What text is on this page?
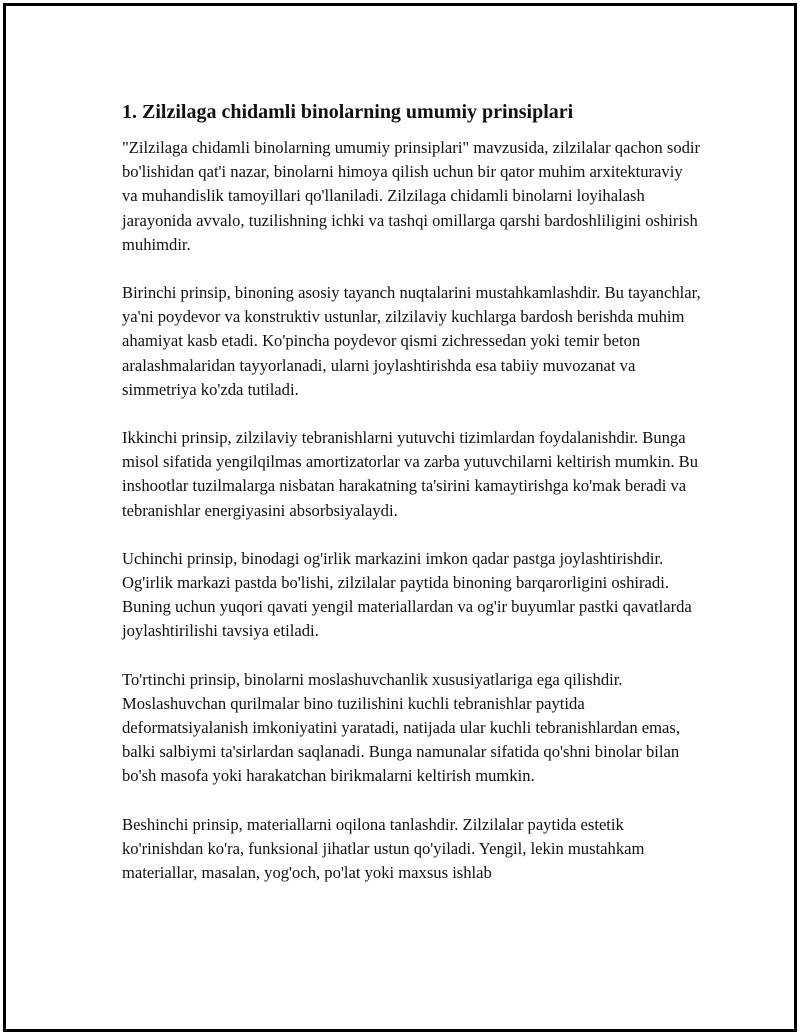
1. Zilzilaga chidamli binolarning umumiy prinsiplari

"Zilzilaga chidamli binolarning umumiy prinsiplari" mavzusida, zilzilalar qachon sodir bo'lishidan qat'i nazar, binolarni himoya qilish uchun bir qator muhim arxitekturaviy va muhandislik tamoyillari qo'llaniladi. Zilzilaga chidamli binolarni loyihalash jarayonida avvalo, tuzilishning ichki va tashqi omillarga qarshi bardoshliligini oshirish muhimdir.

Birinchi prinsip, binoning asosiy tayanch nuqtalarini mustahkamlashdir. Bu tayanchlar, ya'ni poydevor va konstruktiv ustunlar, zilzilaviy kuchlarga bardosh berishda muhim ahamiyat kasb etadi. Ko'pincha poydevor qismi zichressedan yoki temir beton aralashmalaridan tayyorlanadi, ularni joylashtirishda esa tabiiy muvozanat va simmetriya ko'zda tutiladi.

Ikkinchi prinsip, zilzilaviy tebranishlarni yutuvchi tizimlardan foydalanishdir. Bunga misol sifatida yengilqilmas amortizatorlar va zarba yutuvchilarni keltirish mumkin. Bu inshootlar tuzilmalarga nisbatan harakatning ta'sirini kamaytirishga ko'mak beradi va tebranishlar energiyasini absorbsiyalaydi.

Uchinchi prinsip, binodagi og'irlik markazini imkon qadar pastga joylashtirishdir. Og'irlik markazi pastda bo'lishi, zilzilalar paytida binoning barqarorligini oshiradi. Buning uchun yuqori qavati yengil materiallardan va og'ir buyumlar pastki qavatlarda joylashtirilishi tavsiya etiladi.

To'rtinchi prinsip, binolarni moslashuvchanlik xususiyatlariga ega qilishdir. Moslashuvchan qurilmalar bino tuzilishini kuchli tebranishlar paytida deformatsiyalanish imkoniyatini yaratadi, natijada ular kuchli tebranishlardan emas, balki salbiymi ta'sirlardan saqlanadi. Bunga namunalar sifatida qo'shni binolar bilan bo'sh masofa yoki harakatchan birikmalarni keltirish mumkin.

Beshinchi prinsip, materiallarni oqilona tanlashdir. Zilzilalar paytida estetik ko'rinishdan ko'ra, funksional jihatlar ustun qo'yiladi. Yengil, lekin mustahkam materiallar, masalan, yog'och, po'lat yoki maxsus ishlab
